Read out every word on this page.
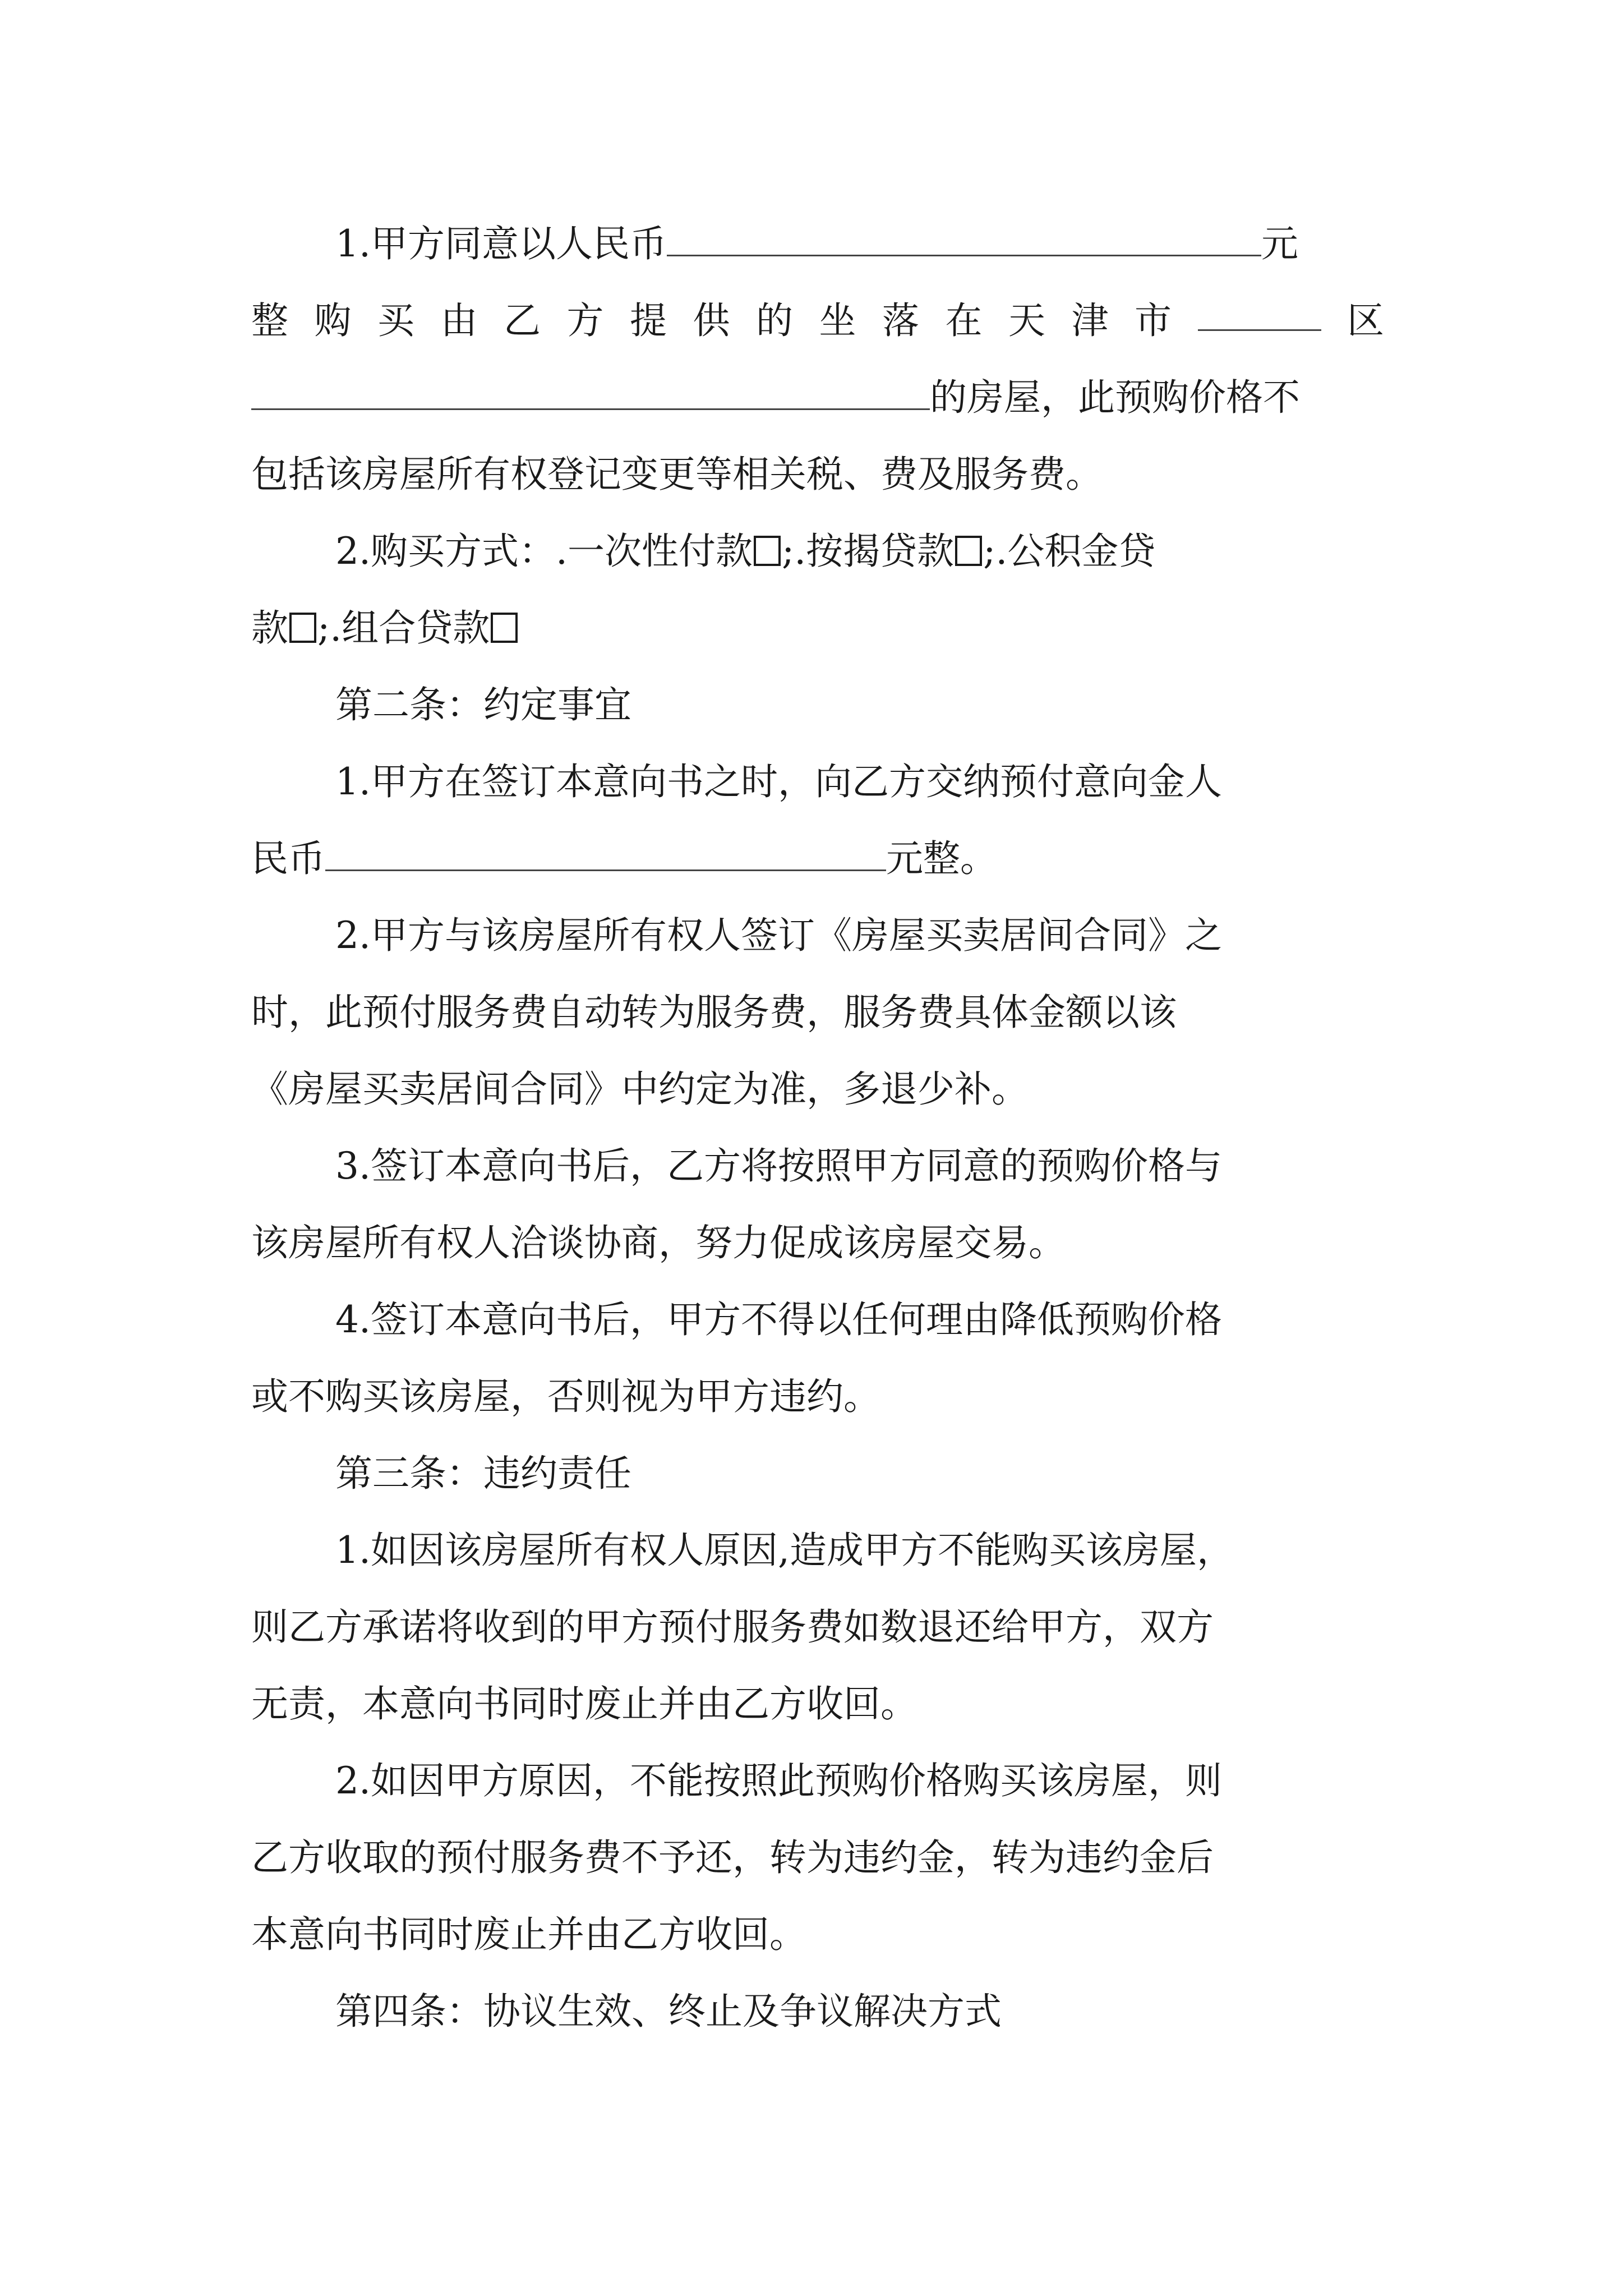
1.甲方同意以人民币	元
整 购 买 由 乙 方 提 供 的 坐 落 在 天 津 市	区
的房屋，此预购价格不
包括该房屋所有权登记变更等相关税、费及服务费。
2.购买方式：.一次性付款 ;.按揭贷款 ;.公积金贷
款 ;.组合贷款
第二条：约定事宜
1.甲方在签订本意向书之时，向乙方交纳预付意向金人
民币	元整。
2.甲方与该房屋所有权人签订《房屋买卖居间合同》之
时，此预付服务费自动转为服务费，服务费具体金额以该
《房屋买卖居间合同》中约定为准，多退少补。
3.签订本意向书后，乙方将按照甲方同意的预购价格与
该房屋所有权人洽谈协商，努力促成该房屋交易。
4.签订本意向书后，甲方不得以任何理由降低预购价格
或不购买该房屋，否则视为甲方违约。
第三条：违约责任
1.如因该房屋所有权人原因,造成甲方不能购买该房屋，
则乙方承诺将收到的甲方预付服务费如数退还给甲方，双方
无责，本意向书同时废止并由乙方收回。
2.如因甲方原因，不能按照此预购价格购买该房屋，则
乙方收取的预付服务费不予还，转为违约金，转为违约金后
本意向书同时废止并由乙方收回。
第四条：协议生效、终止及争议解决方式
